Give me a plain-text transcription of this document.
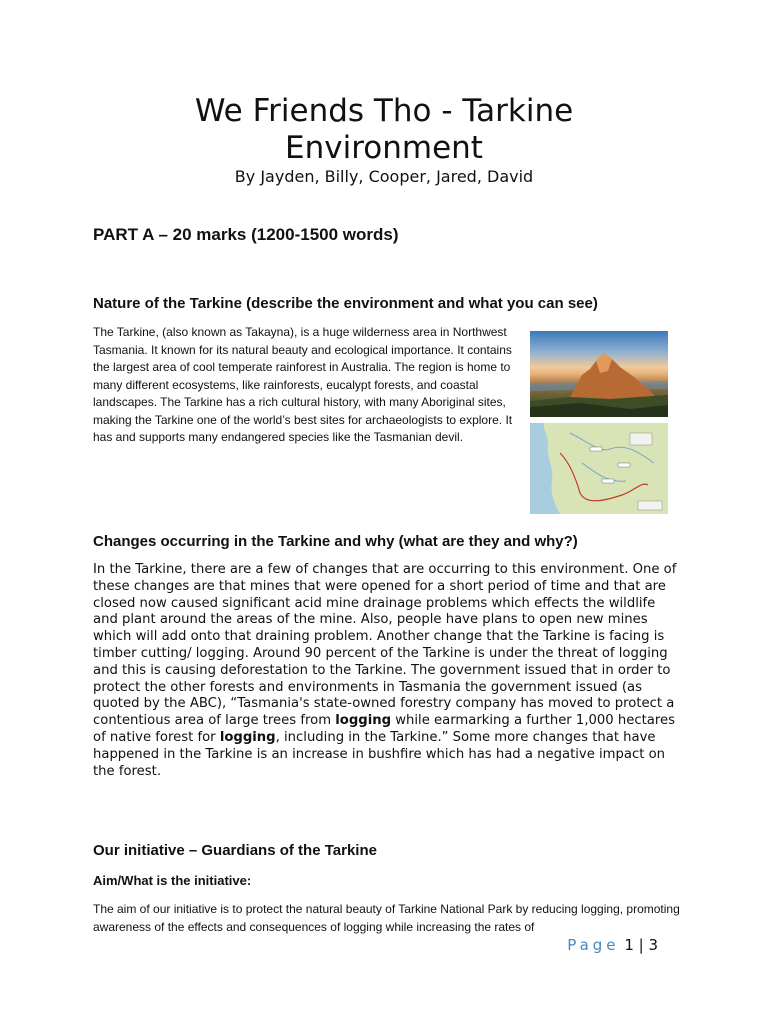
We Friends Tho - Tarkine
Environment
By Jayden, Billy, Cooper, Jared, David
PART A – 20 marks (1200-1500 words)
Nature of the Tarkine (describe the environment and what you can see)

The Tarkine, (also known as Takayna), is a huge wilderness area in Northwest Tasmania. It known for its natural beauty and ecological importance. It contains the largest area of cool temperate rainforest in Australia. The region is home to many different ecosystems, like rainforests, eucalypt forests, and coastal landscapes. The Tarkine has a rich cultural history, with many Aboriginal sites, making the Tarkine one of the world’s best sites for archaeologists to explore. It has and supports many endangered species like the Tasmanian devil.

Changes occurring in the Tarkine and why (what are they and why?)

In the Tarkine, there are a few of changes that are occurring to this environment. One of these changes are that mines that were opened for a short period of time and that are closed now caused significant acid mine drainage problems which effects the wildlife and plant around the areas of the mine. Also, people have plans to open new mines which will add onto that draining problem. Another change that the Tarkine is facing is timber cutting/ logging. Around 90 percent of the Tarkine is under the threat of logging and this is causing deforestation to the Tarkine. The government issued that in order to protect the other forests and environments in Tasmania the government issued (as quoted by the ABC), “Tasmania's state-owned forestry company has moved to protect a contentious area of large trees from logging while earmarking a further 1,000 hectares of native forest for logging, including in the Tarkine.” Some more changes that have happened in the Tarkine is an increase in bushfire which has had a negative impact on the forest.

Our initiative – Guardians of the Tarkine
Aim/What is the initiative:

The aim of our initiative is to protect the natural beauty of Tarkine National Park by reducing logging, promoting awareness of the effects and consequences of logging while increasing the rates of

Page 1 | 3
